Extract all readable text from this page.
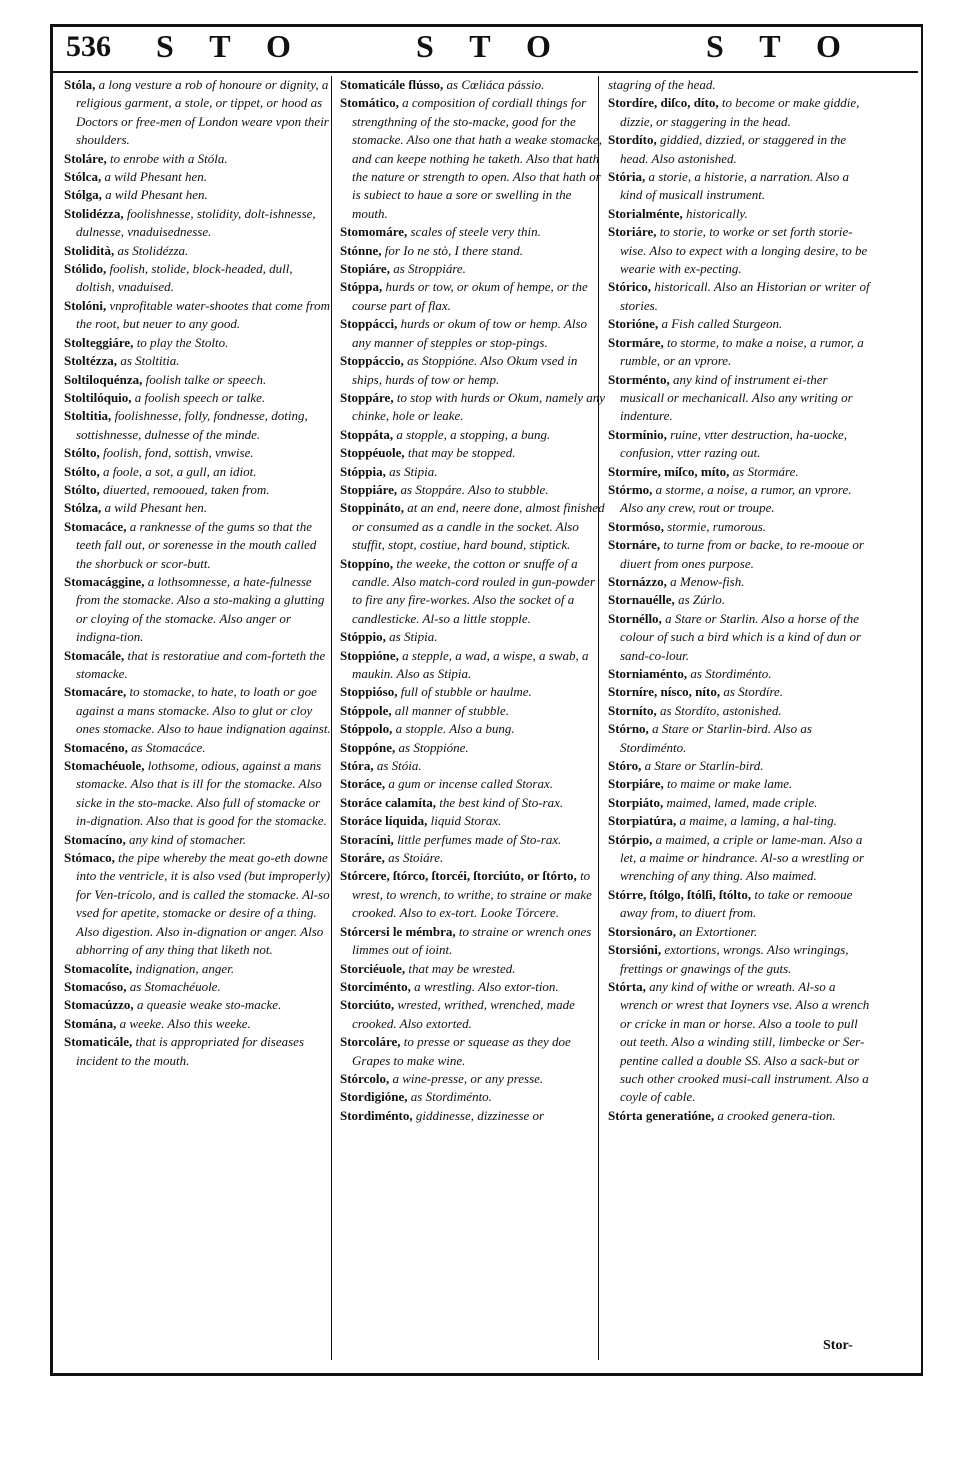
536 S T O	S T O	S T O

Stóla, a long vesture a rob of honoure or dignity, a religious garment, a stole, or tippet, or hood as Doctors or free-men of London weare vpon their shoulders.

Stoláre, to enrobe with a Stóla.

Stólca, a wild Phesant hen.

Stólga, a wild Phesant hen.

Stolidézza, foolishnesse, stolidity, dolt-ishnesse, dulnesse, vnaduisednesse.

Stolidità, as Stolidézza.

Stólido, foolish, stolide, block-headed, dull, doltish, vnaduised.

Stolóni, vnprofitable water-shootes that come from the root, but neuer to any good.

Stolteggiáre, to play the Stolto.

Stoltézza, as Stoltitia.

Soltiloquénza, foolish talke or speech.

Stoltilóquio, a foolish speech or talke.

Stoltitia, foolishnesse, folly, fondnesse, doting, sottishnesse, dulnesse of the minde.

Stólto, foolish, fond, sottish, vnwise.

Stólto, a foole, a sot, a gull, an idiot.

Stólto, diuerted, remooued, taken from.

Stólza, a wild Phesant hen.

Stomacáce, a ranknesse of the gums so that the teeth fall out, or sorenesse in the mouth called the shorbuck or scor-butt.

Stomacággine, a lothsomnesse, a hate-fulnesse from the stomacke. Also a sto-making a glutting or cloying of the stomacke. Also anger or indigna-tion.

Stomacále, that is restoratiue and com-forteth the stomacke.

Stomacáre, to stomacke, to hate, to loath or goe against a mans stomacke. Also to glut or cloy ones stomacke. Also to haue indignation against.

Stomacéno, as Stomacáce.

Stomachéuole, lothsome, odious, against a mans stomacke. Also that is ill for the stomacke. Also sicke in the sto-macke. Also full of stomacke or in-dignation. Also that is good for the stomacke.

Stomacíno, any kind of stomacher.

Stómaco, the pipe whereby the meat go-eth downe into the ventricle, it is also vsed (but improperly) for Ven-trícolo, and is called the stomacke. Al-so vsed for apetite, stomacke or desire of a thing. Also digestion. Also in-dignation or anger. Also abhorring of any thing that liketh not.

Stomacolíte, indignation, anger.

Stomacóso, as Stomachéuole.

Stomacúzzo, a queasie weake sto-macke.

Stomána, a weeke. Also this weeke.

Stomaticále, that is appropriated for diseases incident to the mouth.

Stomaticále flússo, as Cœliáca pássio.

Stomático, a composition of cordiall things for strengthning of the sto-macke, good for the stomacke. Also one that hath a weake stomacke, and can keepe nothing he taketh. Also that hath the nature or strength to open. Also that hath or is subiect to haue a sore or swelling in the mouth.

Stomomáre, scales of steele very thin.

Stónne, for Io ne stò, I there stand.

Stopiáre, as Stroppiáre.

Stóppa, hurds or tow, or okum of hempe, or the course part of flax.

Stoppácci, hurds or okum of tow or hemp. Also any manner of stepples or stop-pings.

Stoppáccio, as Stoppióne. Also Okum vsed in ships, hurds of tow or hemp.

Stoppáre, to stop with hurds or Okum, namely any chinke, hole or leake.

Stoppáta, a stopple, a stopping, a bung.

Stoppéuole, that may be stopped.

Stóppia, as Stipia.

Stoppiáre, as Stoppáre. Also to stubble.

Stoppináto, at an end, neere done, almost finished or consumed as a candle in the socket. Also stuffit, stopt, costiue, hard bound, stiptick.

Stoppíno, the weeke, the cotton or snuffe of a candle. Also match-cord rouled in gun-powder to fire any fire-workes. Also the socket of a candlesticke. Al-so a little stopple.

Stóppio, as Stipia.

Stoppióne, a stepple, a wad, a wispe, a swab, a maukin. Also as Stipia.

Stoppióso, full of stubble or haulme.

Stóppole, all manner of stubble.

Stóppolo, a stopple. Also a bung.

Stoppóne, as Stoppióne.

Stóra, as Stóia.

Storáce, a gum or incense called Storax.

Storáce calamíta, the best kind of Sto-rax.

Storáce líquida, liquid Storax.

Storacíni, little perfumes made of Sto-rax.

Storáre, as Stoiáre.

Stórcere, ſtórco, ſtorcéi, ſtorciúto, or ſtórto, to wrest, to wrench, to writhe, to straine or make crooked. Also to ex-tort. Looke Tórcere.

Stórcersi le mémbra, to straine or wrench ones limmes out of ioint.

Storciéuole, that may be wrested.

Storciménto, a wrestling. Also extor-tion.

Storciúto, wrested, writhed, wrenched, made crooked. Also extorted.

Storcoláre, to presse or squease as they doe Grapes to make wine.

Stórcolo, a wine-presse, or any presse.

Stordigióne, as Stordiménto.

Stordiménto, giddinesse, dizzinesse or

stagring of the head.

Stordíre, diſco, díto, to become or make giddie, dizzie, or staggering in the head.

Stordíto, giddied, dizzied, or staggered in the head. Also astonished.

Stória, a storie, a historie, a narration. Also a kind of musicall instrument.

Storialménte, historically.

Storiáre, to storie, to worke or set forth storie-wise. Also to expect with a longing desire, to be wearie with ex-pecting.

Stórico, historicall. Also an Historian or writer of stories.

Storióne, a Fish called Sturgeon.

Stormáre, to storme, to make a noise, a rumor, a rumble, or an vprore.

Storménto, any kind of instrument ei-ther musicall or mechanicall. Also any writing or indenture.

Stormínio, ruine, vtter destruction, ha-uocke, confusion, vtter razing out.

Stormíre, míſco, míto, as Stormáre.

Stórmo, a storme, a noise, a rumor, an vprore. Also any crew, rout or troupe.

Stormóso, stormie, rumorous.

Stornáre, to turne from or backe, to re-mooue or diuert from ones purpose.

Stornázzo, a Menow-fish.

Stornauélle, as Zúrlo.

Stornéllo, a Stare or Starlin. Also a horse of the colour of such a bird which is a kind of dun or sand-co-lour.

Storniaménto, as Stordiménto.

Storníre, nísco, níto, as Stordíre.

Storníto, as Stordíto, astonished.

Stórno, a Stare or Starlin-bird. Also as Stordiménto.

Stóro, a Stare or Starlin-bird.

Storpiáre, to maime or make lame.

Storpiáto, maimed, lamed, made criple.

Storpiatúra, a maime, a laming, a hal-ting.

Stórpio, a maimed, a criple or lame-man. Also a let, a maime or hindrance. Al-so a wrestling or wrenching of any thing. Also maimed.

Stórre, ſtólgo, ſtólſi, ſtólto, to take or remooue away from, to diuert from.

Storsionáro, an Extortioner.

Storsióni, extortions, wrongs. Also wringings, frettings or gnawings of the guts.

Stórta, any kind of withe or wreath. Al-so a wrench or wrest that Ioyners vse. Also a wrench or cricke in man or horse. Also a toole to pull out teeth. Also a winding still, limbecke or Ser-pentine called a double SS. Also a sack-but or such other crooked musi-call instrument. Also a coyle of cable.

Stórta generatióne, a crooked genera-tion.

Stor-
